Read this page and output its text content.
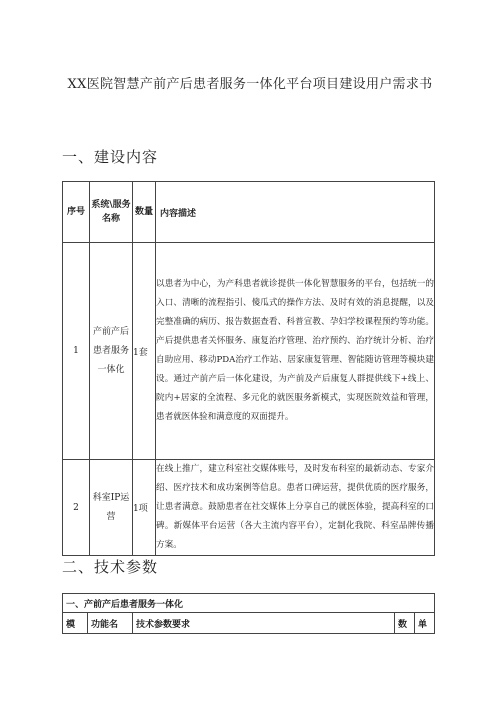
XX医院智慧产前产后患者服务一体化平台项目建设用户需求书
一、建设内容
序号	系统\服务名称	数量	内容描述
1	产前产后患者服务一体化	1套	以患者为中心，为产科患者就诊提供一体化智慧服务的平台，包括统一的入口、清晰的流程指引、傻瓜式的操作方法、及时有效的消息提醒，以及完整准确的病历、报告数据查看、科普宣教、孕妇学校课程预约等功能。产后提供患者关怀服务、康复治疗管理、治疗预约、治疗统计分析、治疗自助应用、移动PDA治疗工作站、居家康复管理、智能随访管理等模块建设。通过产前产后一体化建设，为产前及产后康复人群提供线下+线上、院内+居家的全流程、多元化的就医服务新模式，实现医院效益和管理，患者就医体验和满意度的双面提升。
2	科室IP运营	1项	在线上推广，建立科室社交媒体账号，及时发布科室的最新动态、专家介绍、医疗技术和成功案例等信息。患者口碑运营，提供优质的医疗服务，让患者满意。鼓励患者在社交媒体上分享自己的就医体验，提高科室的口碑。新媒体平台运营（各大主流内容平台），定制化我院、科室品牌传播方案。
二、技术参数
一、产前产后患者服务一体化
模	功能名	技术参数要求	数	单
